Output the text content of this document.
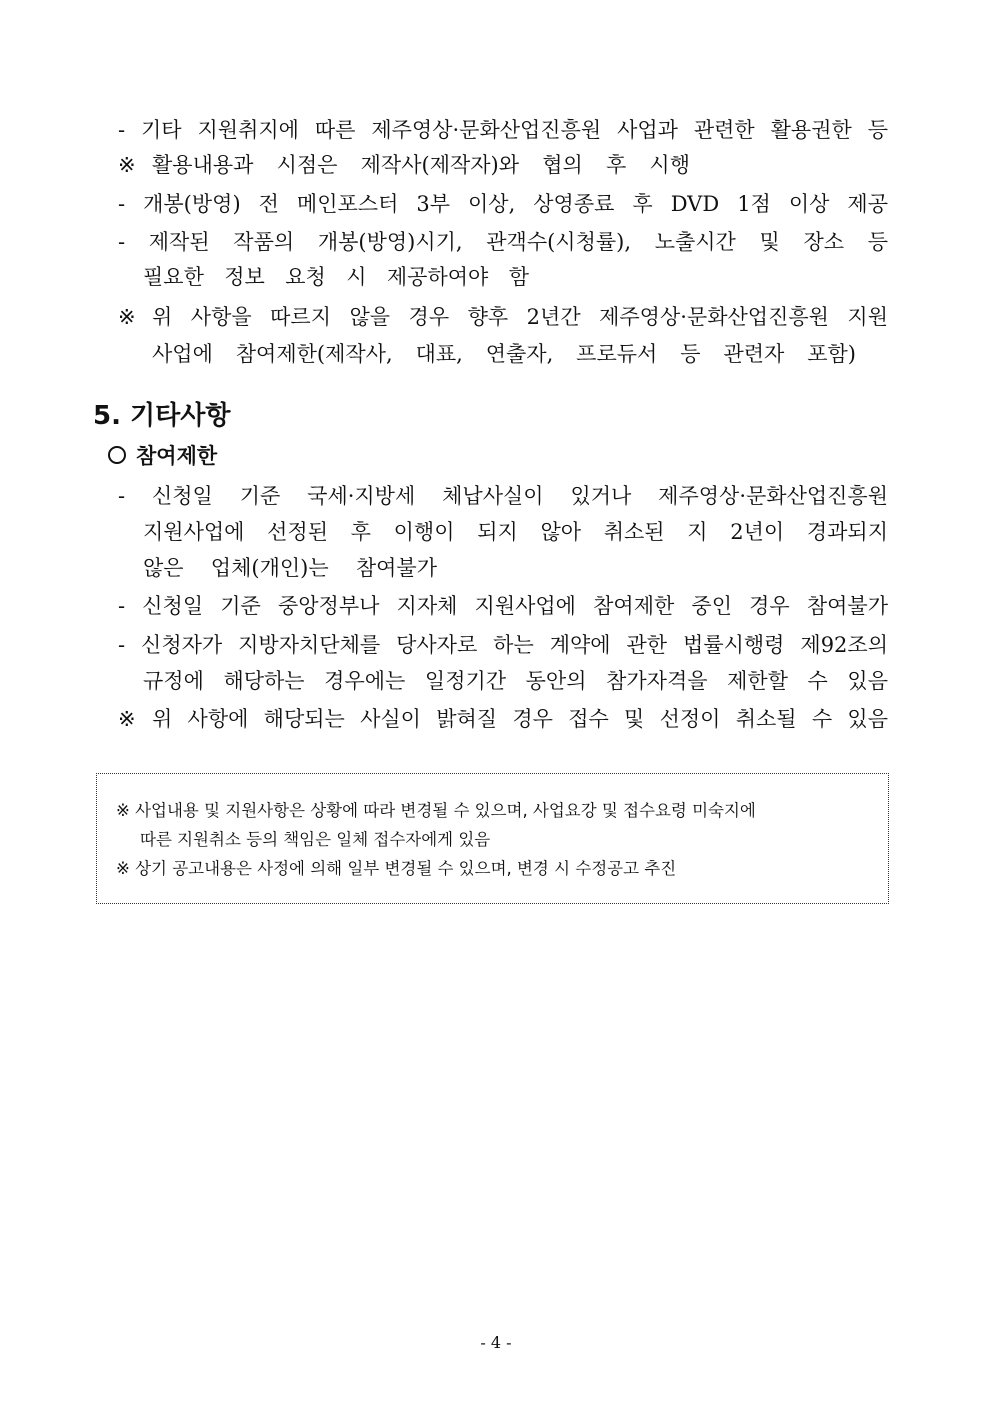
- 기타 지원취지에 따른 제주영상·문화산업진흥원 사업과 관련한 활용권한 등
※ 활용내용과 시점은 제작사(제작자)와 협의 후 시행
- 개봉(방영) 전 메인포스터 3부 이상, 상영종료 후 DVD 1점 이상 제공
- 제작된 작품의 개봉(방영)시기, 관객수(시청률), 노출시간 및 장소 등
필요한 정보 요청 시 제공하여야 함
※ 위 사항을 따르지 않을 경우 향후 2년간 제주영상·문화산업진흥원 지원
사업에 참여제한(제작사, 대표, 연출자, 프로듀서 등 관련자 포함)
5. 기타사항
참여제한
- 신청일 기준 국세·지방세 체납사실이 있거나 제주영상·문화산업진흥원
지원사업에 선정된 후 이행이 되지 않아 취소된 지 2년이 경과되지
않은 업체(개인)는 참여불가
- 신청일 기준 중앙정부나 지자체 지원사업에 참여제한 중인 경우 참여불가
- 신청자가 지방자치단체를 당사자로 하는 계약에 관한 법률시행령 제92조의
규정에 해당하는 경우에는 일정기간 동안의 참가자격을 제한할 수 있음
※ 위 사항에 해당되는 사실이 밝혀질 경우 접수 및 선정이 취소될 수 있음
※ 사업내용 및 지원사항은 상황에 따라 변경될 수 있으며, 사업요강 및 접수요령 미숙지에
따른 지원취소 등의 책임은 일체 접수자에게 있음
※ 상기 공고내용은 사정에 의해 일부 변경될 수 있으며, 변경 시 수정공고 추진
- 4 -
